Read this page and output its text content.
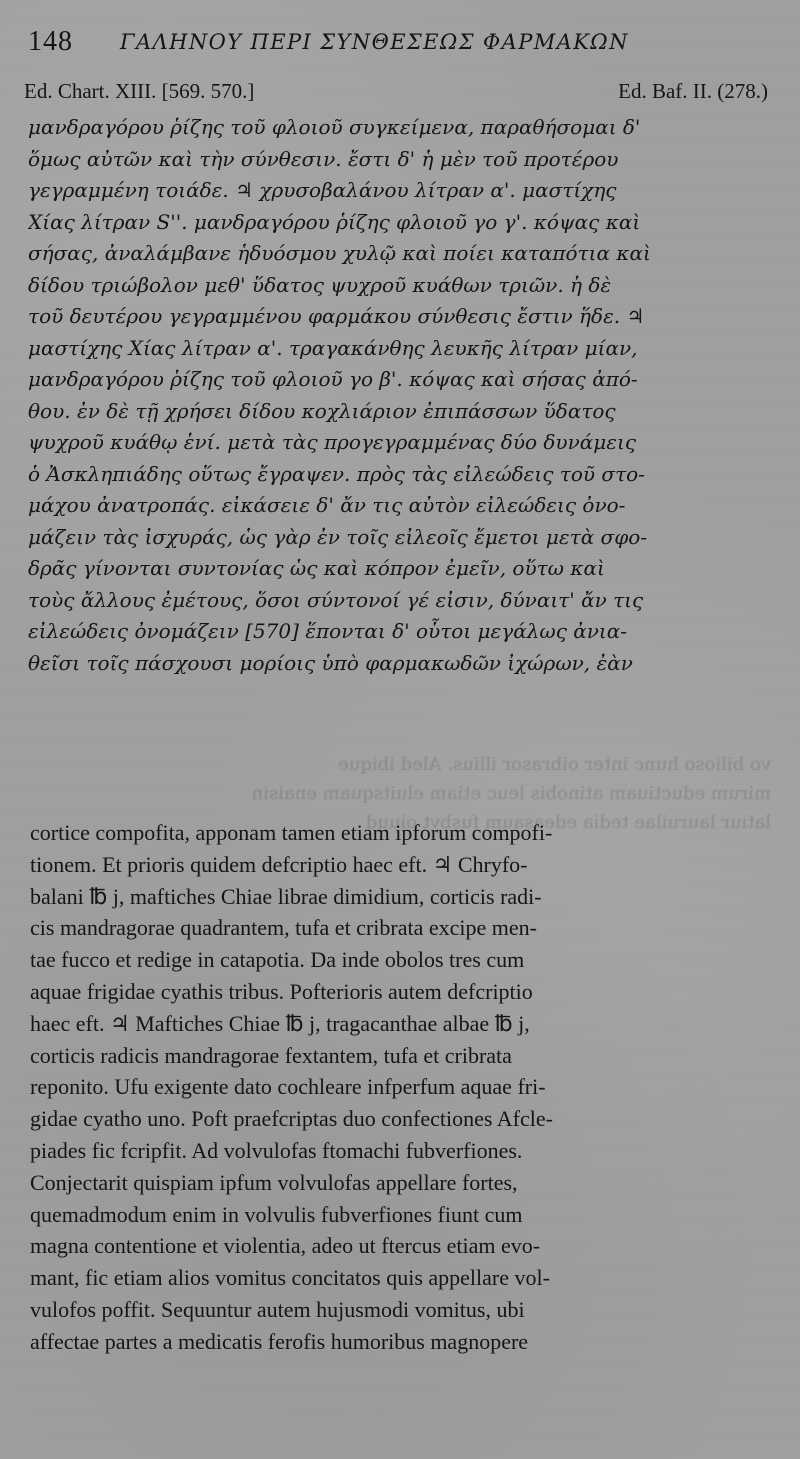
148 ΓΑΛΗΝΟΥ ΠΕΡΙ ΣΥΝΘΕΣΕΩΣ ΦΑΡΜΑΚΩΝ
Ed. Chart. XIII. [569. 570.]	Ed. Baf. II. (278.)
μανδραγόρου ῥίζης τοῦ φλοιοῦ συγκείμενα, παραθήσομαι δ'
ὅμως αὐτῶν καὶ τὴν σύνθεσιν. ἔστι δ' ἡ μὲν τοῦ προτέρου
γεγραμμένη τοιάδε. ♃ χρυσοβαλάνου λίτραν α'. μαστίχης
Χίας λίτραν S''. μανδραγόρου ῥίζης φλοιοῦ γο γ'. κόψας καὶ
σήσας, ἀναλάμβανε ἡδυόσμου χυλῷ καὶ ποίει καταπότια καὶ
δίδου τριώβολον μεθ' ὕδατος ψυχροῦ κυάθων τριῶν. ἡ δὲ
τοῦ δευτέρου γεγραμμένου φαρμάκου σύνθεσις ἔστιν ἥδε. ♃
μαστίχης Χίας λίτραν α'. τραγακάνθης λευκῆς λίτραν μίαν,
μανδραγόρου ῥίζης τοῦ φλοιοῦ γο β'. κόψας καὶ σήσας ἀπό-
θου. ἐν δὲ τῇ χρήσει δίδου κοχλιάριον ἐπιπάσσων ὕδατος
ψυχροῦ κυάθῳ ἑνί. μετὰ τὰς προγεγραμμένας δύο δυνάμεις
ὁ Ἀσκληπιάδης οὕτως ἔγραψεν. πρὸς τὰς εἰλεώδεις τοῦ στο-
μάχου ἀνατροπάς. εἰκάσειε δ' ἄν τις αὐτὸν εἰλεώδεις ὀνο-
μάζειν τὰς ἰσχυράς, ὡς γὰρ ἐν τοῖς εἰλεοῖς ἔμετοι μετὰ σφο-
δρᾶς γίνονται συντονίας ὡς καὶ κόπρον ἐμεῖν, οὕτω καὶ
τοὺς ἄλλους ἐμέτους, ὅσοι σύντονοί γέ εἰσιν, δύναιτ' ἄν τις
εἰλεώδεις ὀνομάζειν [570] ἕπονται δ' οὗτοι μεγάλως ἀνια-
θεῖσι τοῖς πάσχουσι μορίοις ὑπὸ φαρμακωδῶν ἰχώρων, ἐὰν
vo bilioso hunc inter oibrasor illius. Aled ibique
mirum eductiuam atinobis leuc etiam eluitsquam enaisin
latiur lauruilae tedia edeasaum fusbvt oiuud
cortice compofita, apponam tamen etiam ipforum compofi-
tionem. Et prioris quidem defcriptio haec eft. ♃ Chryfo-
balani ℔ j, maftiches Chiae librae dimidium, corticis radi-
cis mandragorae quadrantem, tufa et cribrata excipe men-
tae fucco et redige in catapotia. Da inde obolos tres cum
aquae frigidae cyathis tribus. Pofterioris autem defcriptio
haec eft. ♃ Maftiches Chiae ℔ j, tragacanthae albae ℔ j,
corticis radicis mandragorae fextantem, tufa et cribrata
reponito. Ufu exigente dato cochleare infperfum aquae fri-
gidae cyatho uno. Poft praefcriptas duo confectiones Afcle-
piades fic fcripfit. Ad volvulofas ftomachi fubverfiones.
Conjectarit quispiam ipfum volvulofas appellare fortes,
quemadmodum enim in volvulis fubverfiones fiunt cum
magna contentione et violentia, adeo ut ftercus etiam evo-
mant, fic etiam alios vomitus concitatos quis appellare vol-
vulofos poffit. Sequuntur autem hujusmodi vomitus, ubi
affectae partes a medicatis ferofis humoribus magnopere
